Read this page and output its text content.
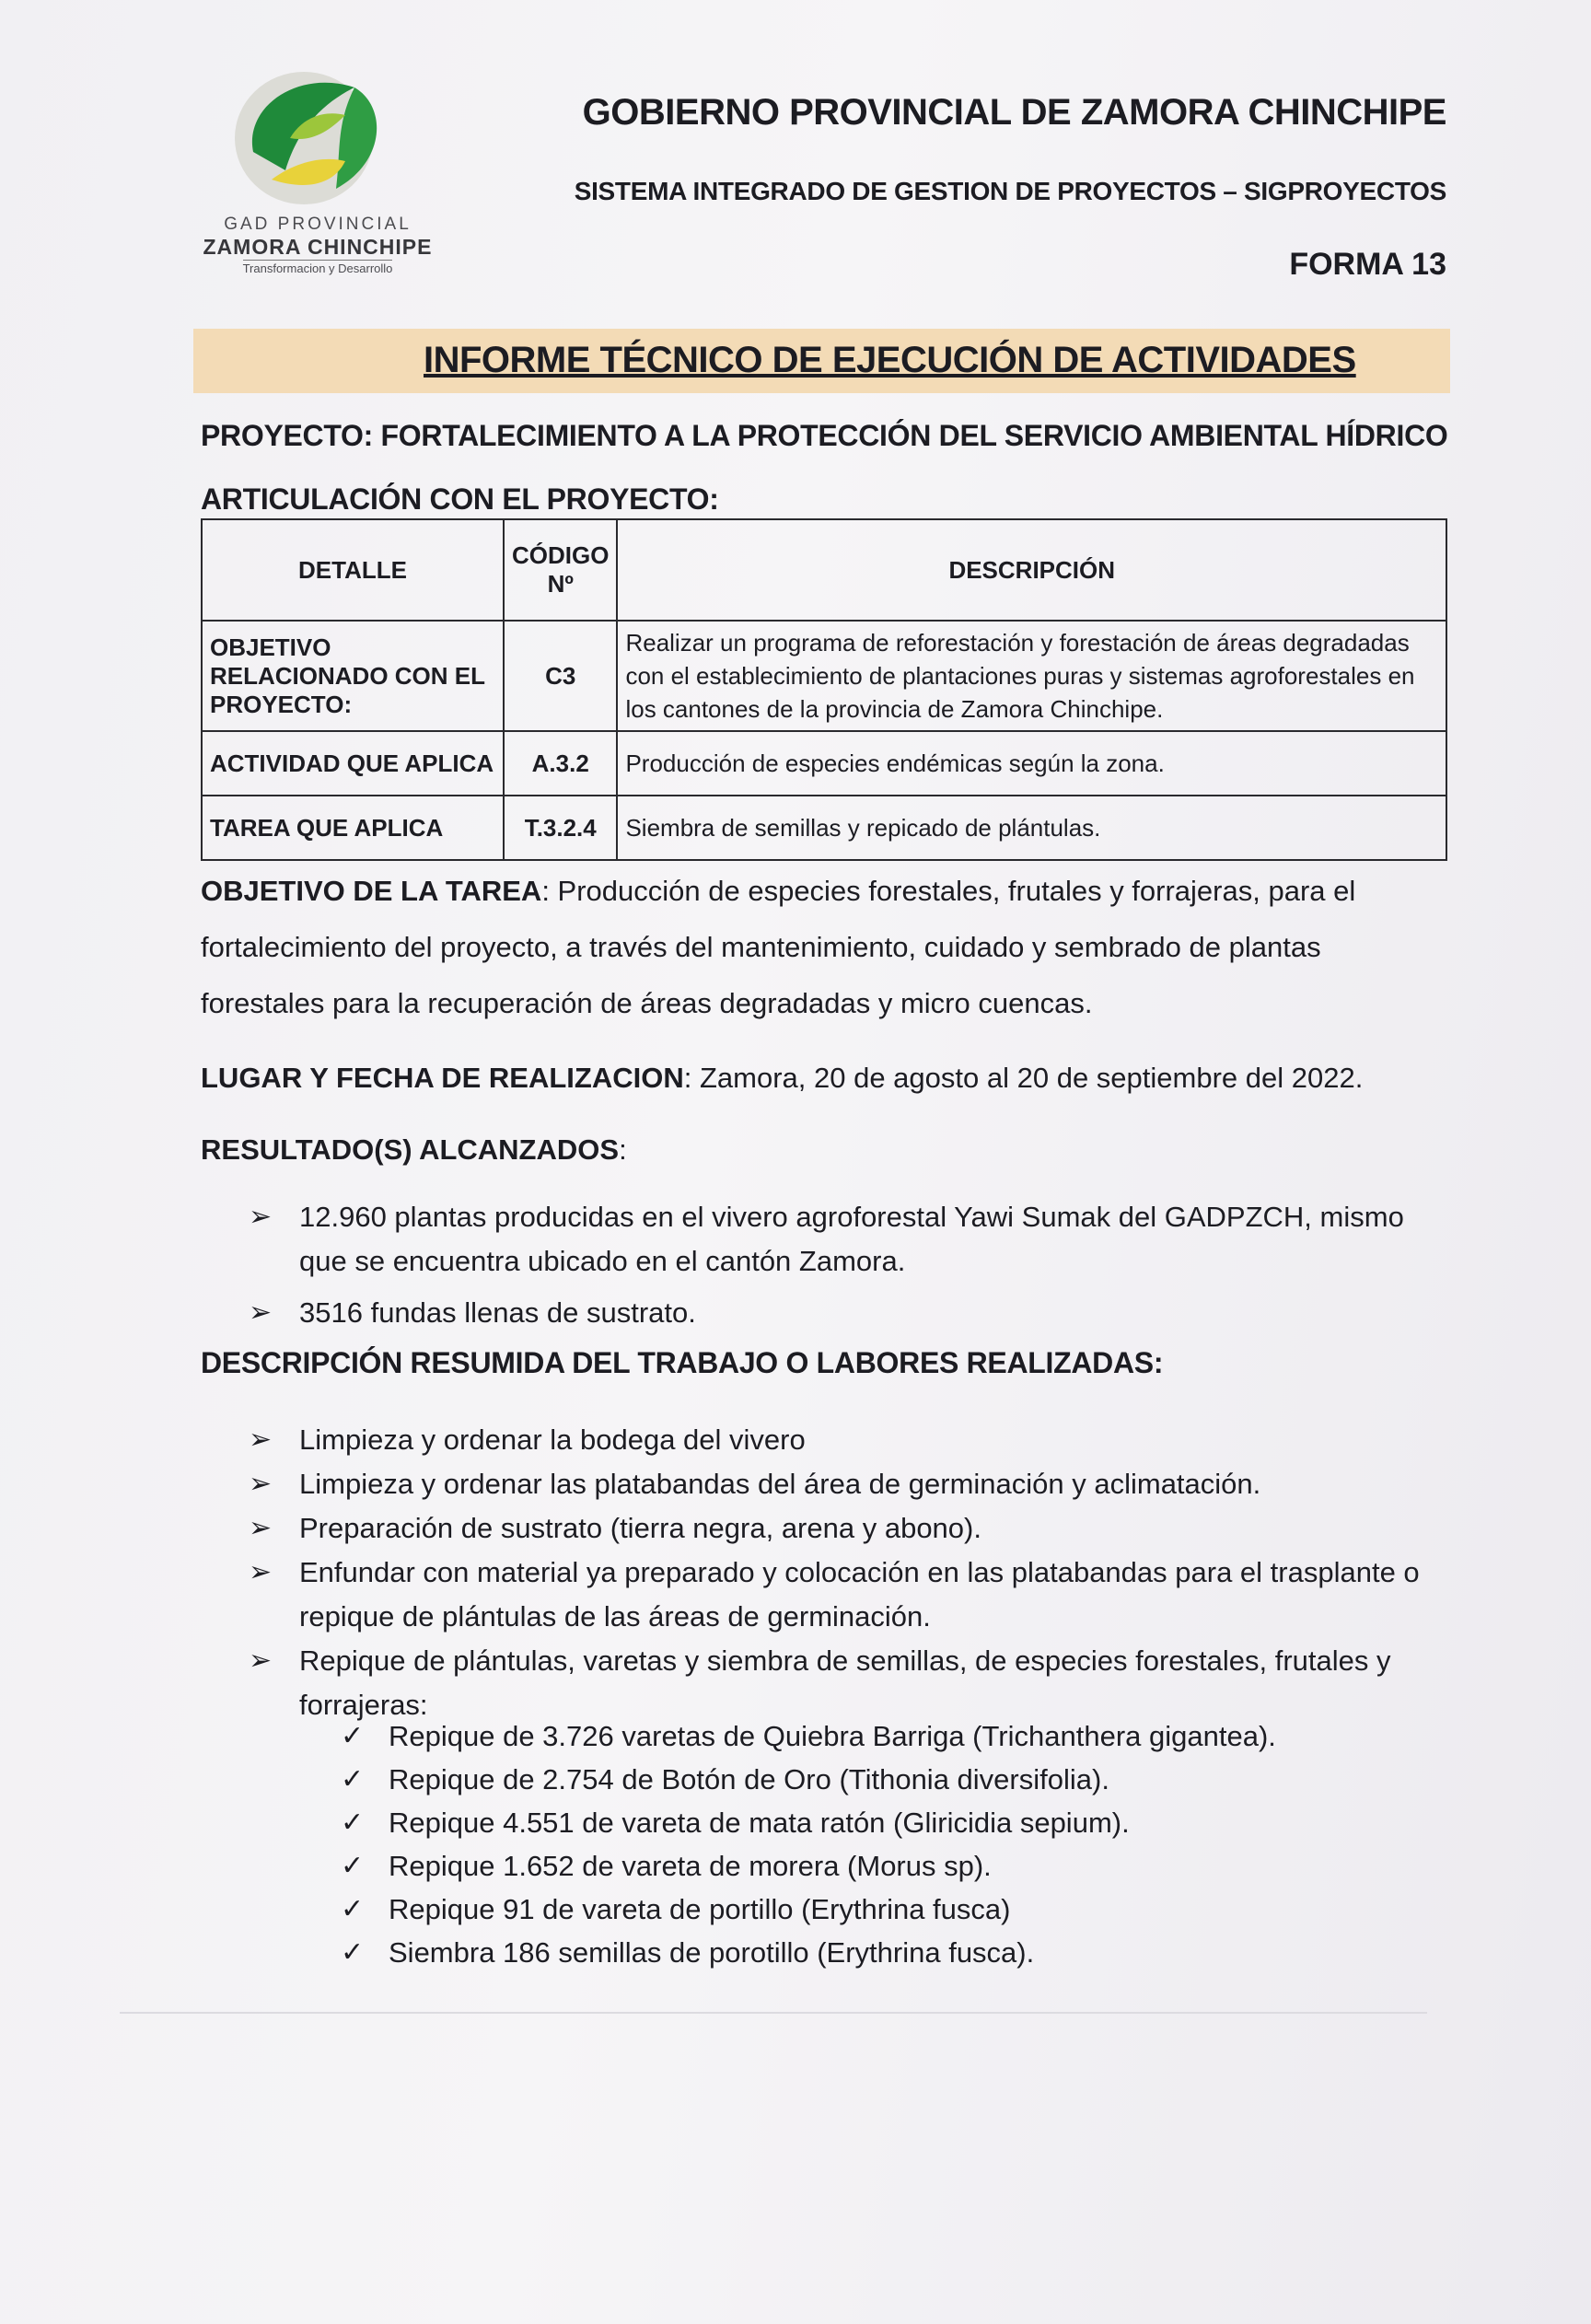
GAD PROVINCIAL
ZAMORA CHINCHIPE
Transformacion y Desarrollo
GOBIERNO PROVINCIAL DE ZAMORA CHINCHIPE
SISTEMA INTEGRADO DE GESTION DE PROYECTOS – SIGPROYECTOS
FORMA 13
INFORME TÉCNICO DE EJECUCIÓN DE ACTIVIDADES
PROYECTO: FORTALECIMIENTO A LA PROTECCIÓN DEL SERVICIO AMBIENTAL HÍDRICO
ARTICULACIÓN CON EL PROYECTO:
DETALLE	CÓDIGO Nº	DESCRIPCIÓN
OBJETIVO RELACIONADO CON EL PROYECTO:	C3	Realizar un programa de reforestación y forestación de áreas degradadas con el establecimiento de plantaciones puras y sistemas agroforestales en los cantones de la provincia de Zamora Chinchipe.
ACTIVIDAD QUE APLICA	A.3.2	Producción de especies endémicas según la zona.
TAREA QUE APLICA	T.3.2.4	Siembra de semillas y repicado de plántulas.
OBJETIVO DE LA TAREA: Producción de especies forestales, frutales y forrajeras, para el fortalecimiento del proyecto, a través del mantenimiento, cuidado y sembrado de plantas forestales para la recuperación de áreas degradadas y micro cuencas.
LUGAR Y FECHA DE REALIZACION: Zamora, 20 de agosto al 20 de septiembre del 2022.
RESULTADO(S) ALCANZADOS:
➢ 12.960 plantas producidas en el vivero agroforestal Yawi Sumak del GADPZCH, mismo que se encuentra ubicado en el cantón Zamora.
➢ 3516 fundas llenas de sustrato.
DESCRIPCIÓN RESUMIDA DEL TRABAJO O LABORES REALIZADAS:
➢ Limpieza y ordenar la bodega del vivero
➢ Limpieza y ordenar las platabandas del área de germinación y aclimatación.
➢ Preparación de sustrato (tierra negra, arena y abono).
➢ Enfundar con material ya preparado y colocación en las platabandas para el trasplante o repique de plántulas de las áreas de germinación.
➢ Repique de plántulas, varetas y siembra de semillas, de especies forestales, frutales y forrajeras:
✓ Repique de 3.726 varetas de Quiebra Barriga (Trichanthera gigantea).
✓ Repique de 2.754 de Botón de Oro (Tithonia diversifolia).
✓ Repique 4.551 de vareta de mata ratón (Gliricidia sepium).
✓ Repique 1.652 de vareta de morera (Morus sp).
✓ Repique 91 de vareta de portillo (Erythrina fusca)
✓ Siembra 186 semillas de porotillo (Erythrina fusca).
